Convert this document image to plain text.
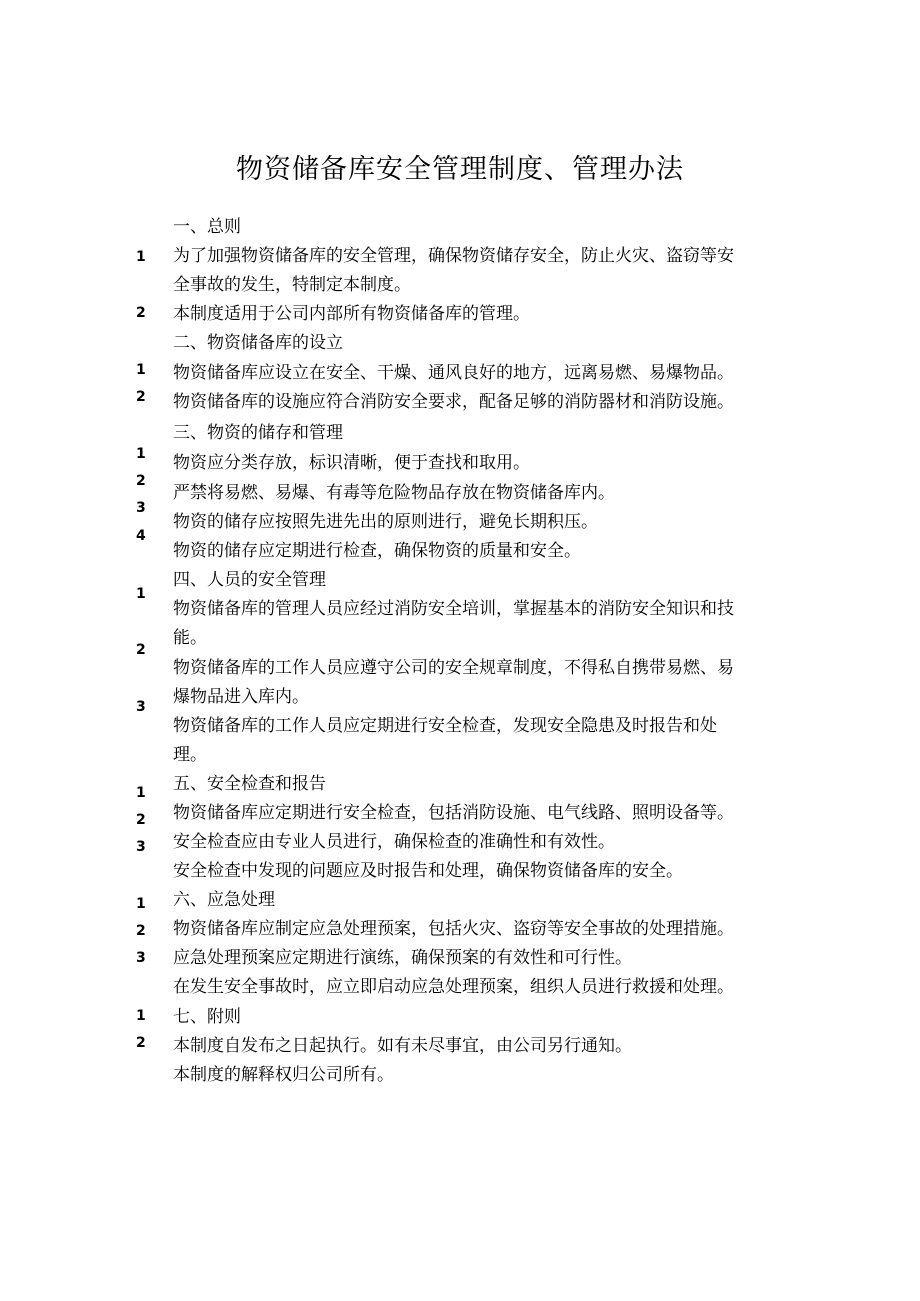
物资储备库安全管理制度、管理办法
一、总则
1 为了加强物资储备库的安全管理，确保物资储存安全，防止火灾、盗窃等安
全事故的发生，特制定本制度。
2 本制度适用于公司内部所有物资储备库的管理。
二、物资储备库的设立
1 物资储备库应设立在安全、干燥、通风良好的地方，远离易燃、易爆物品。
2 物资储备库的设施应符合消防安全要求，配备足够的消防器材和消防设施。
三、物资的储存和管理
1
2
3
4
物资应分类存放，标识清晰，便于查找和取用。
严禁将易燃、易爆、有毒等危险物品存放在物资储备库内。
物资的储存应按照先进先出的原则进行，避免长期积压。
物资的储存应定期进行检查，确保物资的质量和安全。
四、人员的安全管理
1
物资储备库的管理人员应经过消防安全培训，掌握基本的消防安全知识和技
能。
2
物资储备库的工作人员应遵守公司的安全规章制度，不得私自携带易燃、易
爆物品进入库内。
3
物资储备库的工作人员应定期进行安全检查，发现安全隐患及时报告和处
理。
五、安全检查和报告
1
2
3
物资储备库应定期进行安全检查，包括消防设施、电气线路、照明设备等。
安全检查应由专业人员进行，确保检查的准确性和有效性。
安全检查中发现的问题应及时报告和处理，确保物资储备库的安全。
六、应急处理
1
2
3
物资储备库应制定应急处理预案，包括火灾、盗窃等安全事故的处理措施。
应急处理预案应定期进行演练，确保预案的有效性和可行性。
在发生安全事故时，应立即启动应急处理预案，组织人员进行救援和处理。
七、附则
1
2 本制度自发布之日起执行。如有未尽事宜，由公司另行通知。
本制度的解释权归公司所有。
